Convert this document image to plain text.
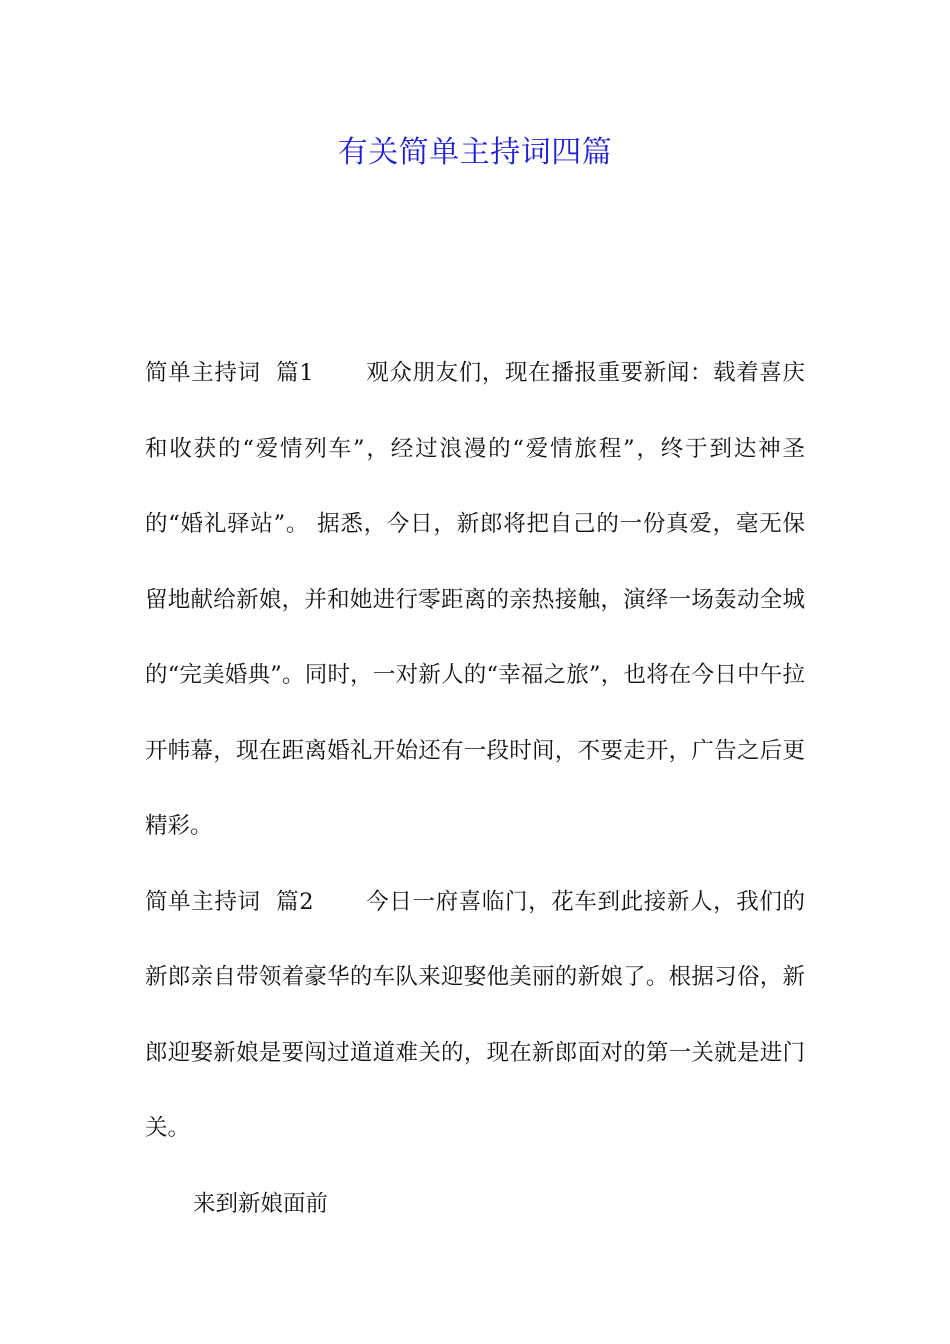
有关简单主持词四篇

简单主持词  篇1 观众朋友们，现在播报重要新闻：载着喜庆和收获的“爱情列车”，经过浪漫的“爱情旅程”，终于到达神圣的“婚礼驿站”。 据悉，今日，新郎将把自己的一份真爱，毫无保留地献给新娘，并和她进行零距离的亲热接触，演绎一场轰动全城的“完美婚典”。同时，一对新人的“幸福之旅”，也将在今日中午拉开帏幕，现在距离婚礼开始还有一段时间，不要走开，广告之后更精彩。

简单主持词  篇2 今日一府喜临门，花车到此接新人，我们的新郎亲自带领着豪华的车队来迎娶他美丽的新娘了。根据习俗，新郎迎娶新娘是要闯过道道难关的，现在新郎面对的第一关就是进门关。

来到新娘面前
